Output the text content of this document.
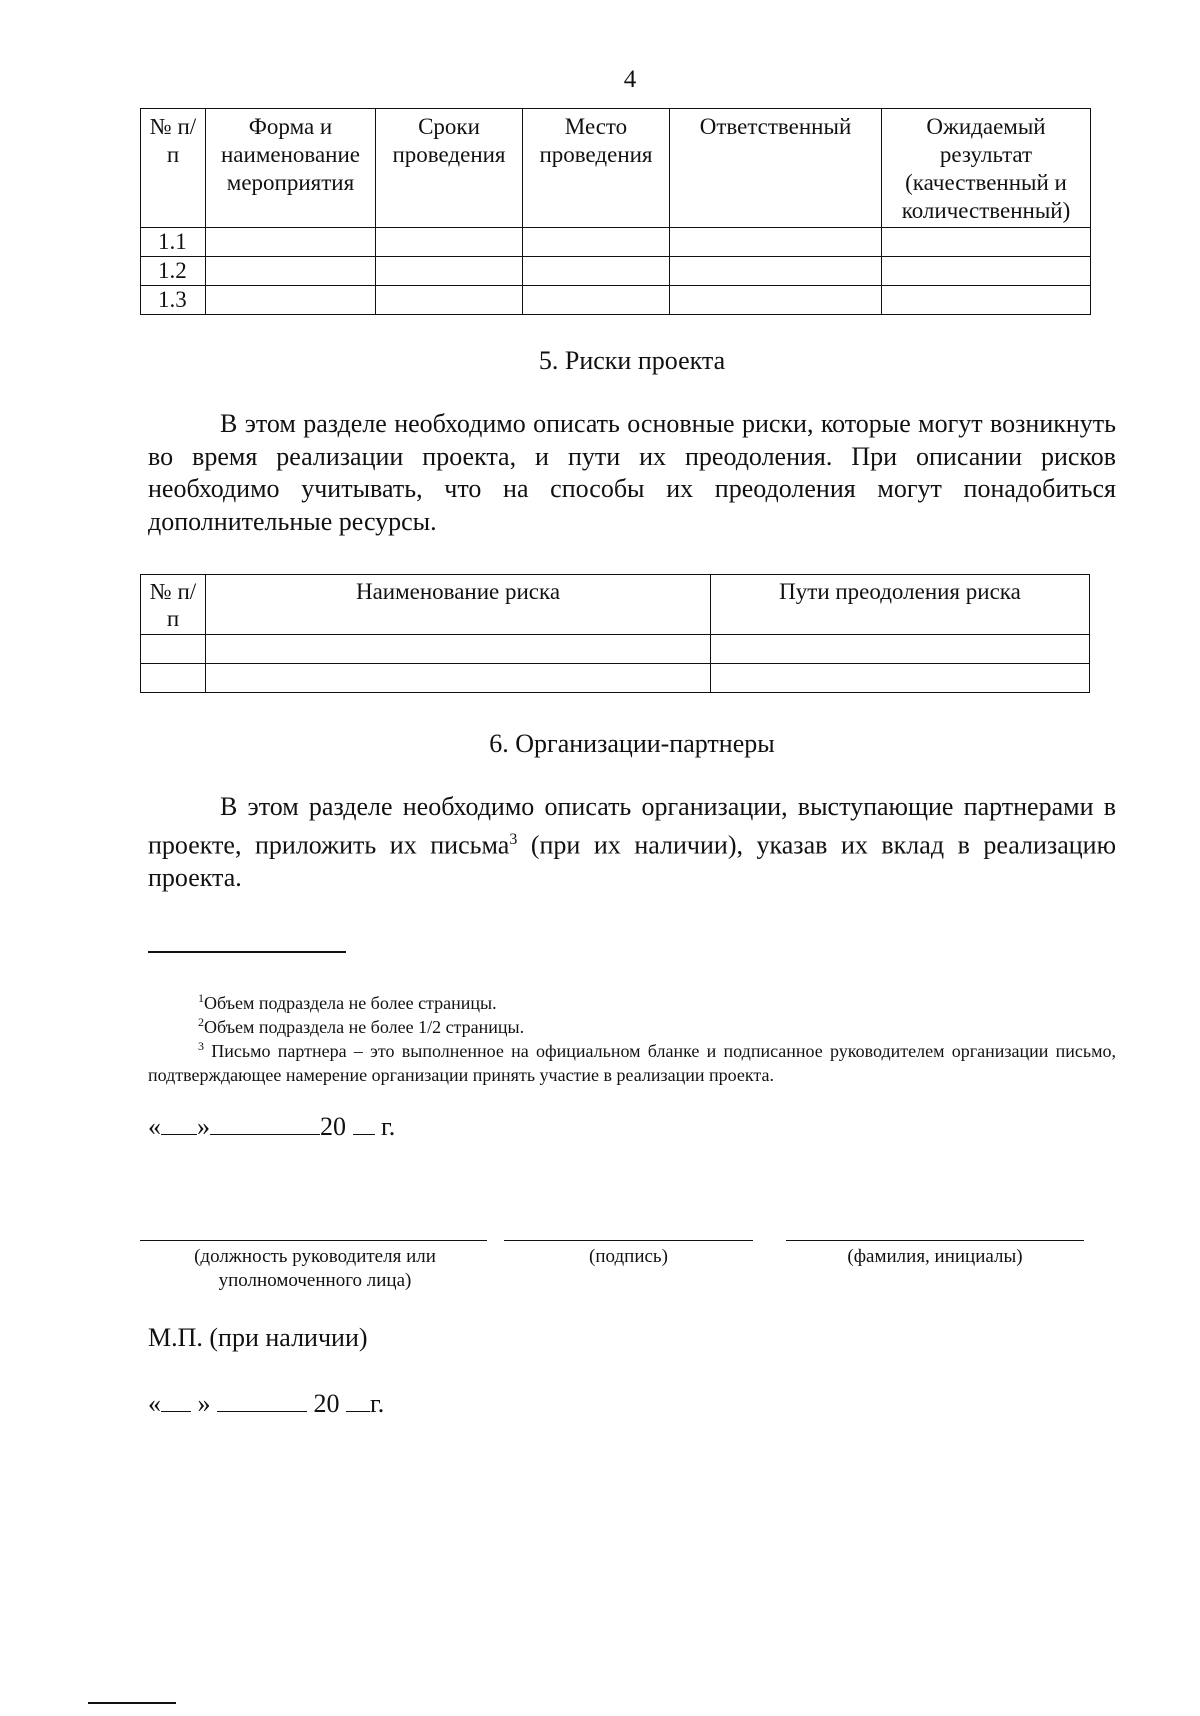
4
№ п/п	Форма и наименование мероприятия	Сроки проведения	Место проведения	Ответственный	Ожидаемый результат (качественный и количественный)
1.1					
1.2					
1.3					
5. Риски проекта

В этом разделе необходимо описать основные риски, которые могут возникнуть во время реализации проекта, и пути их преодоления. При описании рисков необходимо учитывать, что на способы их преодоления могут понадобиться дополнительные ресурсы.

№ п/п	Наименование риска	Пути преодоления риска

6. Организации-партнеры

В этом разделе необходимо описать организации, выступающие партнерами в проекте, приложить их письма$^3$ (при их наличии), указав их вклад в реализацию проекта.

$^1$Объем подраздела не более страницы.

$^2$Объем подраздела не более 1/2 страницы.

$^3$ Письмо партнера – это выполненное на официальном бланке и подписанное руководителем организации письмо, подтверждающее намерение организации принять участие в реализации проекта.

« »	20 г.
(должность руководителя или уполномоченного лица)
(подпись)	(фамилия, инициалы)
М.П. (при наличии)
« »	20 г.
